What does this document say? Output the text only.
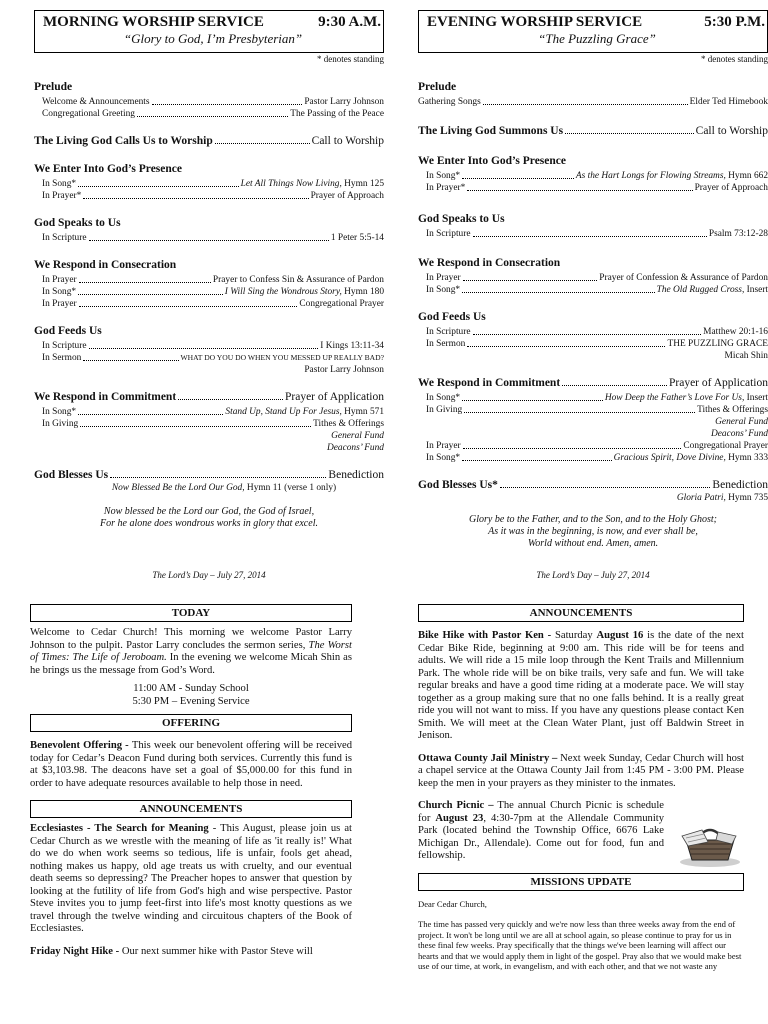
MORNING WORSHIP SERVICE	9:30 A.M.
“Glory to God, I’m Presbyterian”
* denotes standing
Prelude
Welcome & Announcements	Pastor Larry Johnson
Congregational Greeting	The Passing of the Peace
The Living God Calls Us to Worship	Call to Worship
We Enter Into God’s Presence
In Song*	Let All Things Now Living, Hymn 125
In Prayer*	Prayer of Approach
God Speaks to Us
In Scripture	1 Peter 5:5-14
We Respond in Consecration
In Prayer	Prayer to Confess Sin & Assurance of Pardon
In Song*	I Will Sing the Wondrous Story, Hymn 180
In Prayer	Congregational Prayer
God Feeds Us
In Scripture	I Kings 13:11-34
In Sermon	WHAT DO YOU DO WHEN YOU MESSED UP REALLY BAD?
Pastor Larry Johnson
We Respond in Commitment	Prayer of Application
In Song*	Stand Up, Stand Up For Jesus, Hymn 571
In Giving	Tithes & Offerings
General Fund
Deacons’ Fund
God Blesses Us	Benediction
Now Blessed Be the Lord Our God, Hymn 11 (verse 1 only)
Now blessed be the Lord our God, the God of Israel,
For he alone does wondrous works in glory that excel.
The Lord’s Day – July 27, 2014
EVENING WORSHIP SERVICE	5:30 P.M.
“The Puzzling Grace”
* denotes standing
Prelude
Gathering Songs	Elder Ted Himebook
The Living God Summons Us	Call to Worship
We Enter Into God’s Presence
In Song*	As the Hart Longs for Flowing Streams, Hymn 662
In Prayer*	Prayer of Approach
God Speaks to Us
In Scripture	Psalm 73:12-28
We Respond in Consecration
In Prayer	Prayer of Confession & Assurance of Pardon
In Song*	The Old Rugged Cross, Insert
God Feeds Us
In Scripture	Matthew 20:1-16
In Sermon	THE PUZZLING GRACE
Micah Shin
We Respond in Commitment	Prayer of Application
In Song*	How Deep the Father’s Love For Us, Insert
In Giving	Tithes & Offerings
General Fund
Deacons’ Fund
In Prayer	Congregational Prayer
In Song*	Gracious Spirit, Dove Divine, Hymn 333
God Blesses Us*	Benediction
Gloria Patri, Hymn 735
Glory be to the Father, and to the Son, and to the Holy Ghost;
As it was in the beginning, is now, and ever shall be,
World without end. Amen, amen.
The Lord’s Day – July 27, 2014
TODAY
Welcome to Cedar Church! This morning we welcome Pastor Larry Johnson to the pulpit. Pastor Larry concludes the sermon series, The Worst of Times: The Life of Jeroboam. In the evening we welcome Micah Shin as he brings us the message from God’s Word.
11:00 AM - Sunday School
5:30 PM – Evening Service
OFFERING
Benevolent Offering - This week our benevolent offering will be received today for Cedar’s Deacon Fund during both services. Currently this fund is at $3,103.98. The deacons have set a goal of $5,000.00 for this fund in order to have adequate resources available to help those in need.
ANNOUNCEMENTS
Ecclesiastes - The Search for Meaning - This August, please join us at Cedar Church as we wrestle with the meaning of life as 'it really is!' What do we do when work seems so tedious, life is unfair, fools get ahead, nothing makes us happy, old age treats us with cruelty, and our eventual death seems so depressing? The Preacher hopes to answer that question by looking at the futility of life from God's high and wise perspective. Pastor Steve invites you to jump feet-first into life's most knotty questions as we travel through the twelve winding and circuitous chapters of the Book of Ecclesiastes.
Friday Night Hike - Our next summer hike with Pastor Steve will
ANNOUNCEMENTS
Bike Hike with Pastor Ken - Saturday August 16 is the date of the next Cedar Bike Ride, beginning at 9:00 am. This ride will be for teens and adults. We will ride a 15 mile loop through the Kent Trails and Millennium Park. The whole ride will be on bike trails, very safe and fun. We will take regular breaks and have a good time riding at a moderate pace. We will stay together as a group making sure that no one falls behind. It is a really great ride you will not want to miss. If you have any questions please contact Ken Smith. We will meet at the Clean Water Plant, just off Baldwin Street in Jenison.
Ottawa County Jail Ministry – Next week Sunday, Cedar Church will host a chapel service at the Ottawa County Jail from 1:45 PM - 3:00 PM. Please keep the men in your prayers as they minister to the inmates.
Church Picnic – The annual Church Picnic is schedule for August 23, 4:30-7pm at the Allendale Community Park (located behind the Township Office, 6676 Lake Michigan Dr., Allendale). Come out for food, fun and fellowship.
MISSIONS UPDATE
Dear Cedar Church,
The time has passed very quickly and we're now less than three weeks away from the end of project. It won't be long until we are all at school again, so please continue to pray for us in these final few weeks. Pray specifically that the things we've been learning will affect our hearts and that we would apply them in light of the gospel. Pray also that we would make best use of our time, at work, in evangelism, and with each other, and that we not waste any
